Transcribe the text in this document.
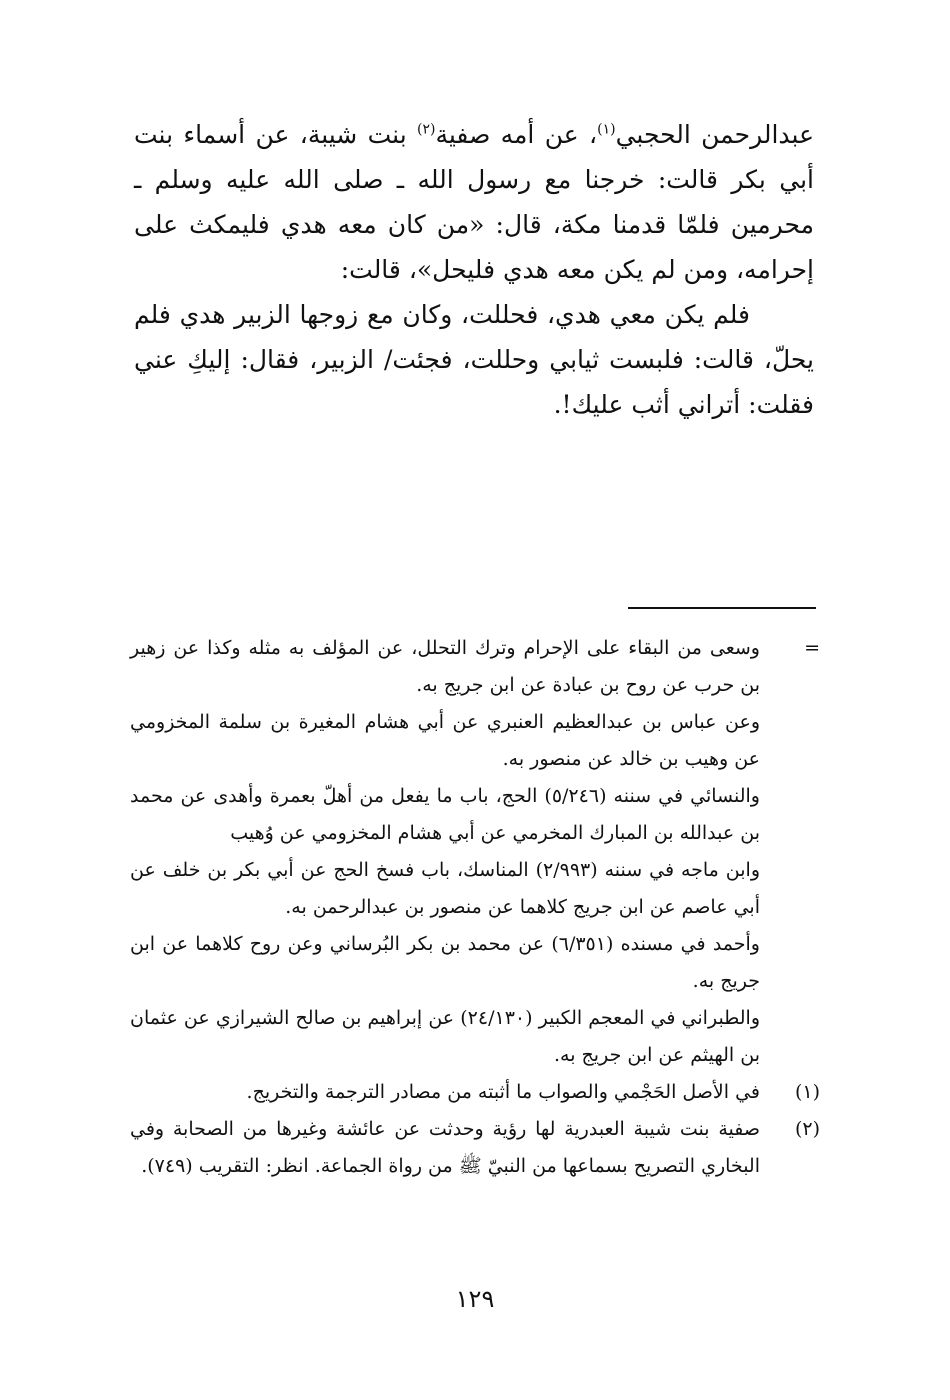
عبدالرحمن الحجبي$^{(١)}$، عن أمه صفية$^{(٢)}$ بنت شيبة، عن أسماء بنت أبي بكر قالت: خرجنا مع رسول الله ـ صلى الله عليه وسلم ـ محرمين فلمّا قدمنا مكة، قال: «من كان معه هدي فليمكث على إحرامه، ومن لم يكن معه هدي فليحل»، قالت:

فلم يكن معي هدي، فحللت، وكان مع زوجها الزبير هدي فلم يحلّ، قالت: فلبست ثيابي وحللت، فجئت/ الزبير، فقال: إليكِ عني فقلت: أتراني أثب عليك!.

=
وسعى من البقاء على الإحرام وترك التحلل، عن المؤلف به مثله وكذا عن زهير بن حرب عن روح بن عبادة عن ابن جريج به.
وعن عباس بن عبدالعظيم العنبري عن أبي هشام المغيرة بن سلمة المخزومي عن وهيب بن خالد عن منصور به.
والنسائي في سننه (٥/٢٤٦) الحج، باب ما يفعل من أهلّ بعمرة وأهدى عن محمد بن عبدالله بن المبارك المخرمي عن أبي هشام المخزومي عن وُهيب
وابن ماجه في سننه (٢/٩٩٣) المناسك، باب فسخ الحج عن أبي بكر بن خلف عن أبي عاصم عن ابن جريج كلاهما عن منصور بن عبدالرحمن به.
وأحمد في مسنده (٦/٣٥١) عن محمد بن بكر البُرساني وعن روح كلاهما عن ابن جريج به.
والطبراني في المعجم الكبير (٢٤/١٣٠) عن إبراهيم بن صالح الشيرازي عن عثمان بن الهيثم عن ابن جريج به.
(١)
في الأصل الحَجْمي والصواب ما أثبته من مصادر الترجمة والتخريج.
(٢)
صفية بنت شيبة العبدرية لها رؤية وحدثت عن عائشة وغيرها من الصحابة وفي البخاري التصريح بسماعها من النبيّ ﷺ من رواة الجماعة. انظر: التقريب (٧٤٩).
١٢٩
